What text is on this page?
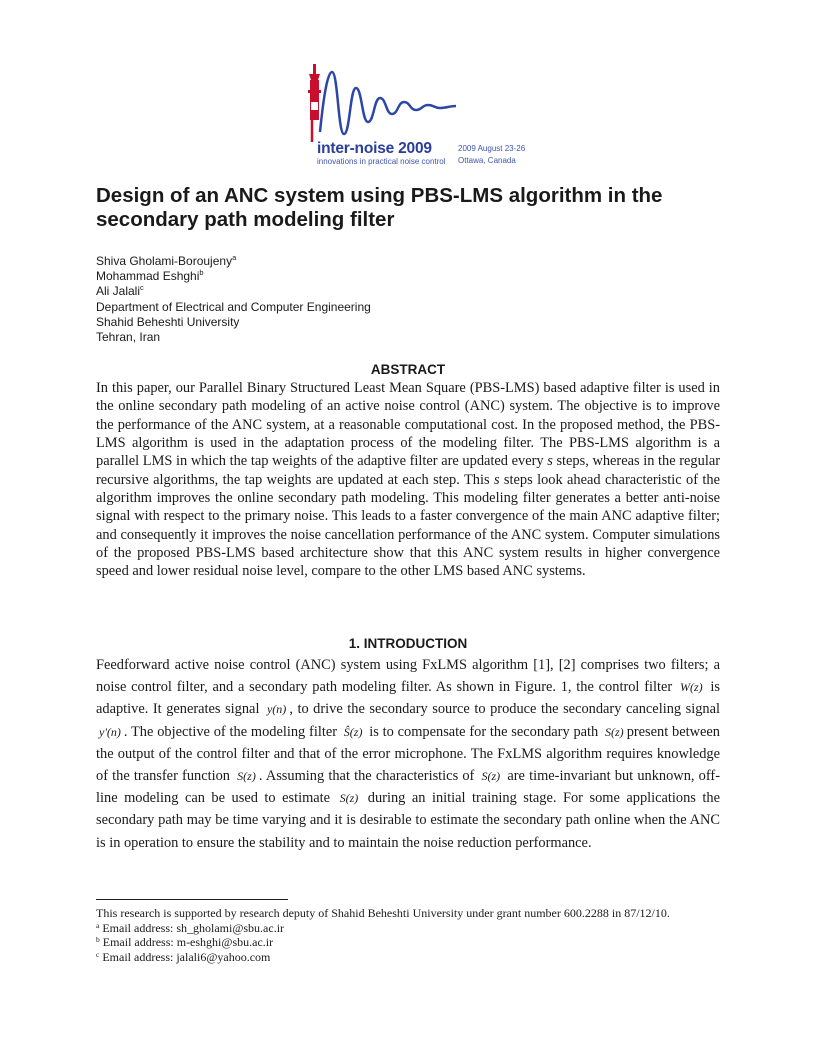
inter-noise 2009
innovations in practical noise control
2009 August 23-26
Ottawa, Canada
Design of an ANC system using PBS-LMS algorithm in the secondary path modeling filter
Shiva Gholami-Boroujeny$^a$
Mohammad Eshghi$^b$
Ali Jalali$^c$
Department of Electrical and Computer Engineering
Shahid Beheshti University
Tehran, Iran
ABSTRACT

In this paper, our Parallel Binary Structured Least Mean Square (PBS-LMS) based adaptive filter is used in the online secondary path modeling of an active noise control (ANC) system. The objective is to improve the performance of the ANC system, at a reasonable computational cost. In the proposed method, the PBS-LMS algorithm is used in the adaptation process of the modeling filter. The PBS-LMS algorithm is a parallel LMS in which the tap weights of the adaptive filter are updated every s steps, whereas in the regular recursive algorithms, the tap weights are updated at each step. This s steps look ahead characteristic of the algorithm improves the online secondary path modeling. This modeling filter generates a better anti-noise signal with respect to the primary noise. This leads to a faster convergence of the main ANC adaptive filter; and consequently it improves the noise cancellation performance of the ANC system. Computer simulations of the proposed PBS-LMS based architecture show that this ANC system results in higher convergence speed and lower residual noise level, compare to the other LMS based ANC systems.

1. INTRODUCTION

Feedforward active noise control (ANC) system using FxLMS algorithm [1], [2] comprises two filters; a noise control filter, and a secondary path modeling filter. As shown in Figure. 1, the control filter W(z) is adaptive. It generates signal y(n) , to drive the secondary source to produce the secondary canceling signal y'(n) . The objective of the modeling filter Ŝ(z) is to compensate for the secondary path S(z) present between the output of the control filter and that of the error microphone. The FxLMS algorithm requires knowledge of the transfer function S(z) . Assuming that the characteristics of S(z) are time-invariant but unknown, off-line modeling can be used to estimate S(z) during an initial training stage. For some applications the secondary path may be time varying and it is desirable to estimate the secondary path online when the ANC is in operation to ensure the stability and to maintain the noise reduction performance.

This research is supported by research deputy of Shahid Beheshti University under grant number 600.2288 in 87/12/10.

$^a$ Email address: sh_gholami@sbu.ac.ir

$^b$ Email address: m-eshghi@sbu.ac.ir

$^c$ Email address: jalali6@yahoo.com
